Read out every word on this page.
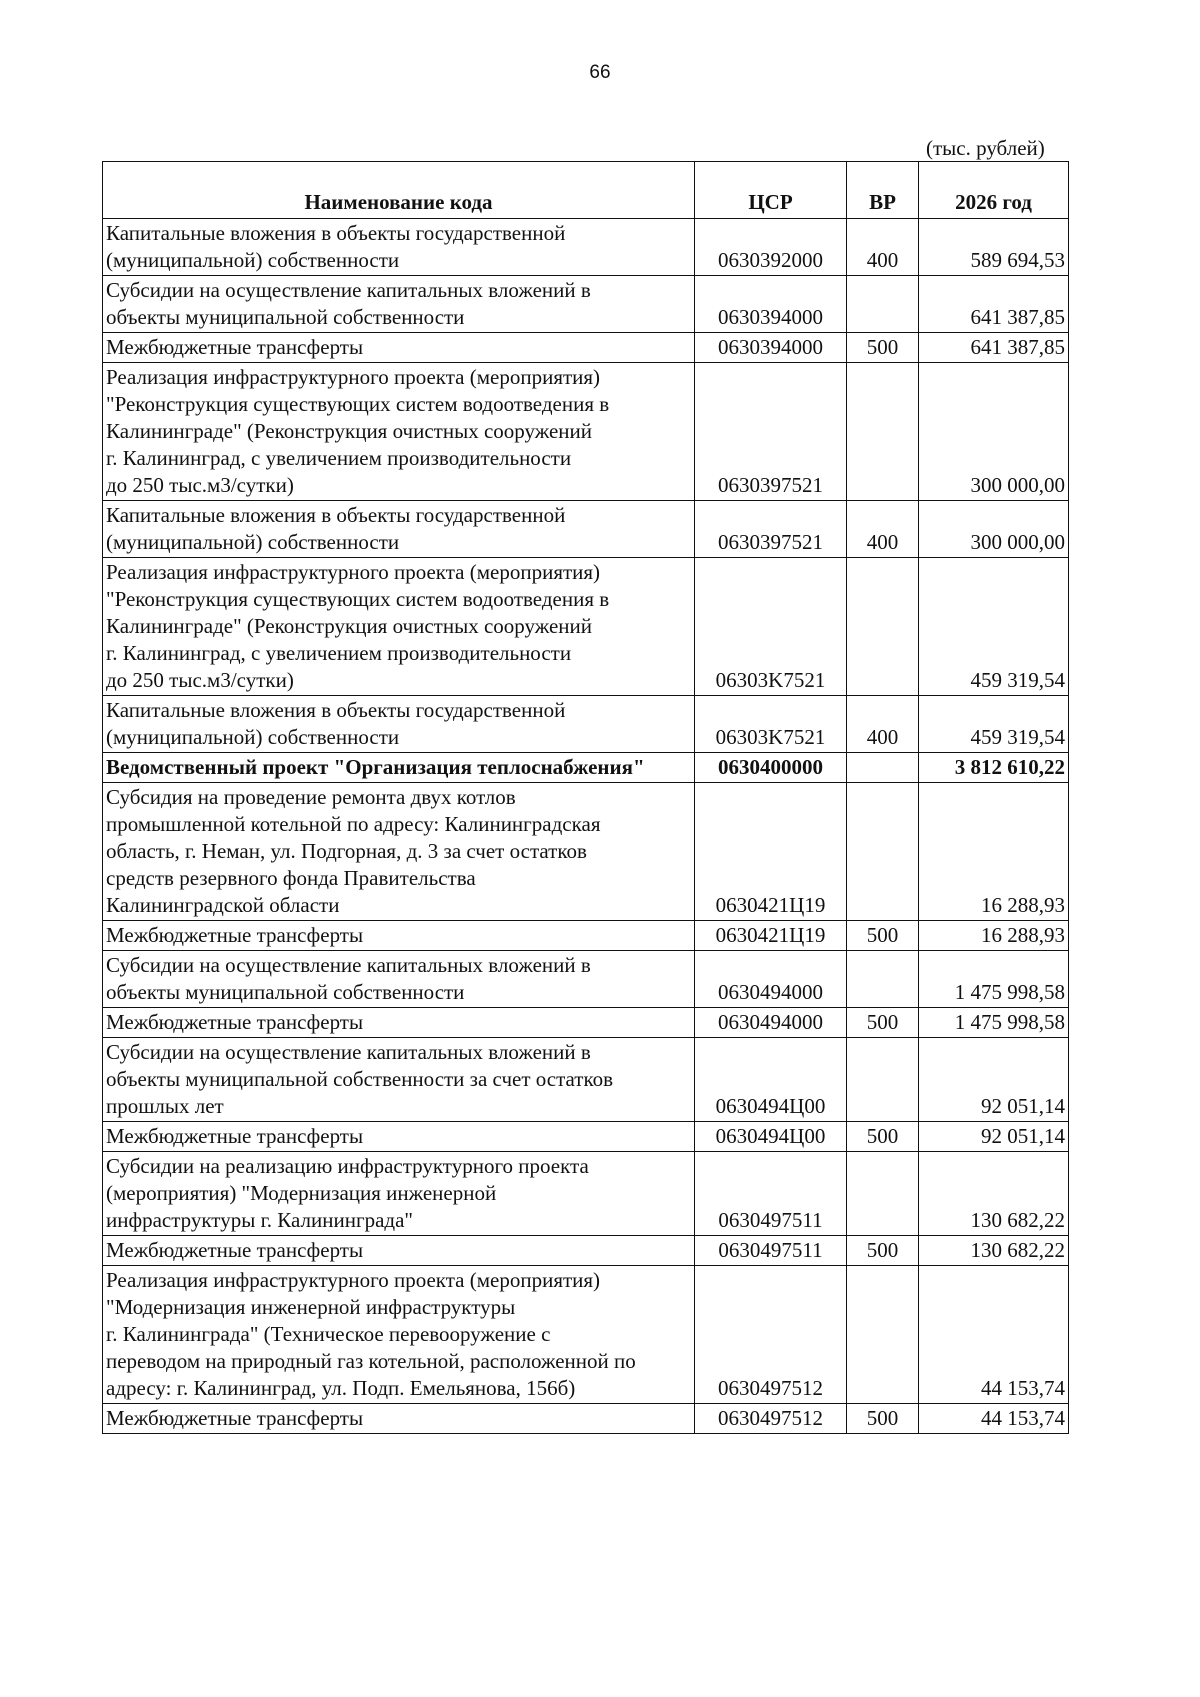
66
(тыс. рублей)
Наименование кода	ЦСР	ВР	2026 год
Капитальные вложения в объекты государственной
(муниципальной) собственности	0630392000	400	589 694,53
Субсидии на осуществление капитальных вложений в
объекты муниципальной собственности	0630394000		641 387,85
Межбюджетные трансферты	0630394000	500	641 387,85
Реализация инфраструктурного проекта (мероприятия)
"Реконструкция существующих систем водоотведения в
Калининграде" (Реконструкция очистных сооружений
г. Калининград, с увеличением производительности
до 250 тыс.м3/сутки)	0630397521		300 000,00
Капитальные вложения в объекты государственной
(муниципальной) собственности	0630397521	400	300 000,00
Реализация инфраструктурного проекта (мероприятия)
"Реконструкция существующих систем водоотведения в
Калининграде" (Реконструкция очистных сооружений
г. Калининград, с увеличением производительности
до 250 тыс.м3/сутки)	06303K7521		459 319,54
Капитальные вложения в объекты государственной
(муниципальной) собственности	06303K7521	400	459 319,54
Ведомственный проект "Организация теплоснабжения"	0630400000		3 812 610,22
Субсидия на проведение ремонта двух котлов
промышленной котельной по адресу: Калининградская
область, г. Неман, ул. Подгорная, д. 3 за счет остатков
средств резервного фонда Правительства
Калининградской области	0630421Ц19		16 288,93
Межбюджетные трансферты	0630421Ц19	500	16 288,93
Субсидии на осуществление капитальных вложений в
объекты муниципальной собственности	0630494000		1 475 998,58
Межбюджетные трансферты	0630494000	500	1 475 998,58
Субсидии на осуществление капитальных вложений в
объекты муниципальной собственности за счет остатков
прошлых лет	0630494Ц00		92 051,14
Межбюджетные трансферты	0630494Ц00	500	92 051,14
Субсидии на реализацию инфраструктурного проекта
(мероприятия) "Модернизация инженерной
инфраструктуры г. Калининграда"	0630497511		130 682,22
Межбюджетные трансферты	0630497511	500	130 682,22
Реализация инфраструктурного проекта (мероприятия)
"Модернизация инженерной инфраструктуры
г. Калининграда" (Техническое перевооружение с
переводом на природный газ котельной, расположенной по
адресу: г. Калининград, ул. Подп. Емельянова, 156б)	0630497512		44 153,74
Межбюджетные трансферты	0630497512	500	44 153,74
